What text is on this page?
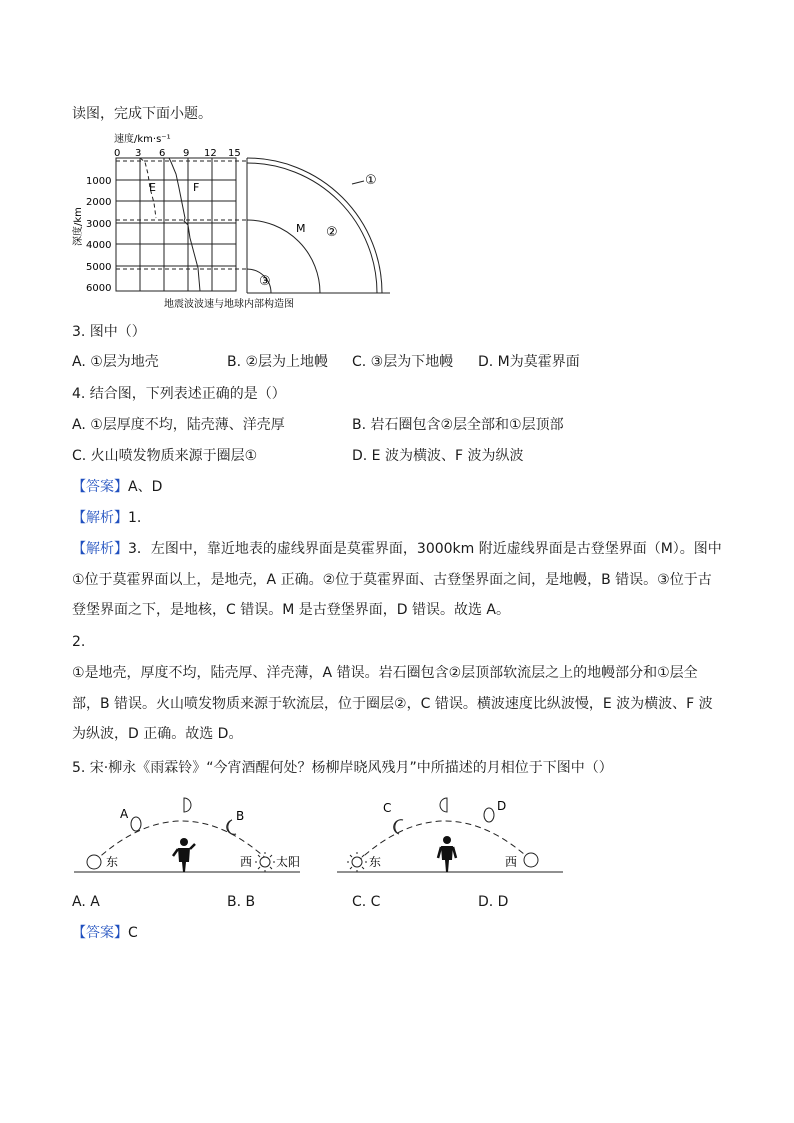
读图，完成下面小题。
速度/km·s⁻¹
0 3 6 9 12 15
深度/km
1000
2000
3000
4000
5000
6000
E	F	①
②
③
M
地震波波速与地球内部构造图
3. 图中（）
A. ①层为地壳	B. ②层为上地幔 C. ③层为下地幔 D. M为莫霍界面
4. 结合图，下列表述正确的是（）
A. ①层厚度不均，陆壳薄、洋壳厚	B. 岩石圈包含②层全部和①层顶部
C. 火山喷发物质来源于圈层①	D. E 波为横波、F 波为纵波
【答案】A、D
【解析】1.
【解析】3．左图中，靠近地表的虚线界面是莫霍界面，3000km 附近虚线界面是古登堡界面（M）。图中①位于莫霍界面以上，是地壳，A 正确。②位于莫霍界面、古登堡界面之间，是地幔，B 错误。③位于古登堡界面之下，是地核，C 错误。M 是古登堡界面，D 错误。故选 A。
2.
①是地壳，厚度不均，陆壳厚、洋壳薄，A 错误。岩石圈包含②层顶部软流层之上的地幔部分和①层全部，B 错误。火山喷发物质来源于软流层，位于圈层②，C 错误。横波速度比纵波慢，E 波为横波、F 波为纵波，D 正确。故选 D。
5. 宋·柳永《雨霖铃》“今宵酒醒何处？杨柳岸晓风残月”中所描述的月相位于下图中（）
东
A	B
西 太阳	东
C	D
西
A. A	B. B	C. C	D. D
【答案】C
